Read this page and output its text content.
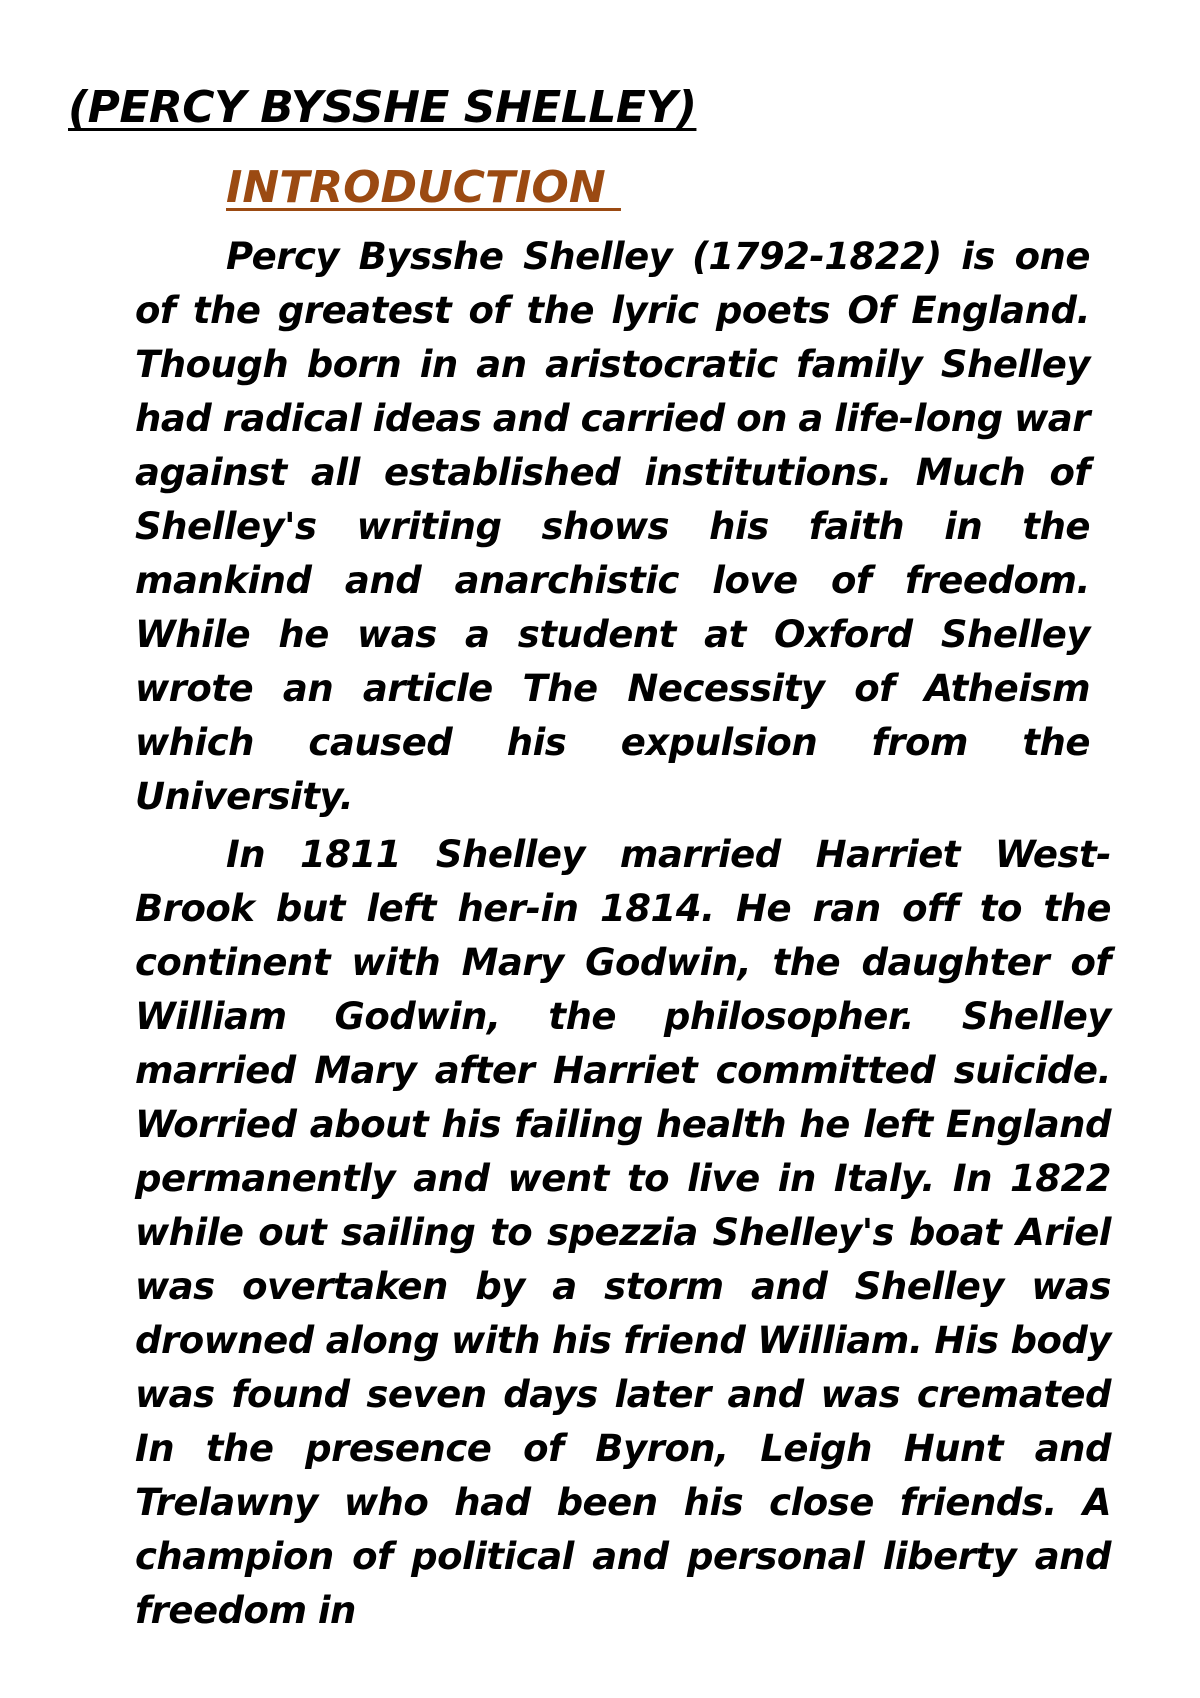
(PERCY BYSSHE SHELLEY)
INTRODUCTION

Percy Bysshe Shelley (1792-1822) is one of the greatest of the lyric poets Of England. Though born in an aristocratic family Shelley had radical ideas and carried on a life-long war against all established institutions. Much of Shelley's writing shows his faith in the mankind and anarchistic love of freedom. While he was a student at Oxford Shelley wrote an article The Necessity of Atheism which caused his expulsion from the University.

In 1811 Shelley married Harriet West-Brook but left her-in 1814. He ran off to the continent with Mary Godwin, the daughter of William Godwin, the philosopher. Shelley married Mary after Harriet committed suicide. Worried about his failing health he left England permanently and went to live in Italy. In 1822 while out sailing to spezzia Shelley's boat Ariel was overtaken by a storm and Shelley was drowned along with his friend William. His body was found seven days later and was cremated In the presence of Byron, Leigh Hunt and Trelawny who had been his close friends. A champion of political and personal liberty and freedom in
